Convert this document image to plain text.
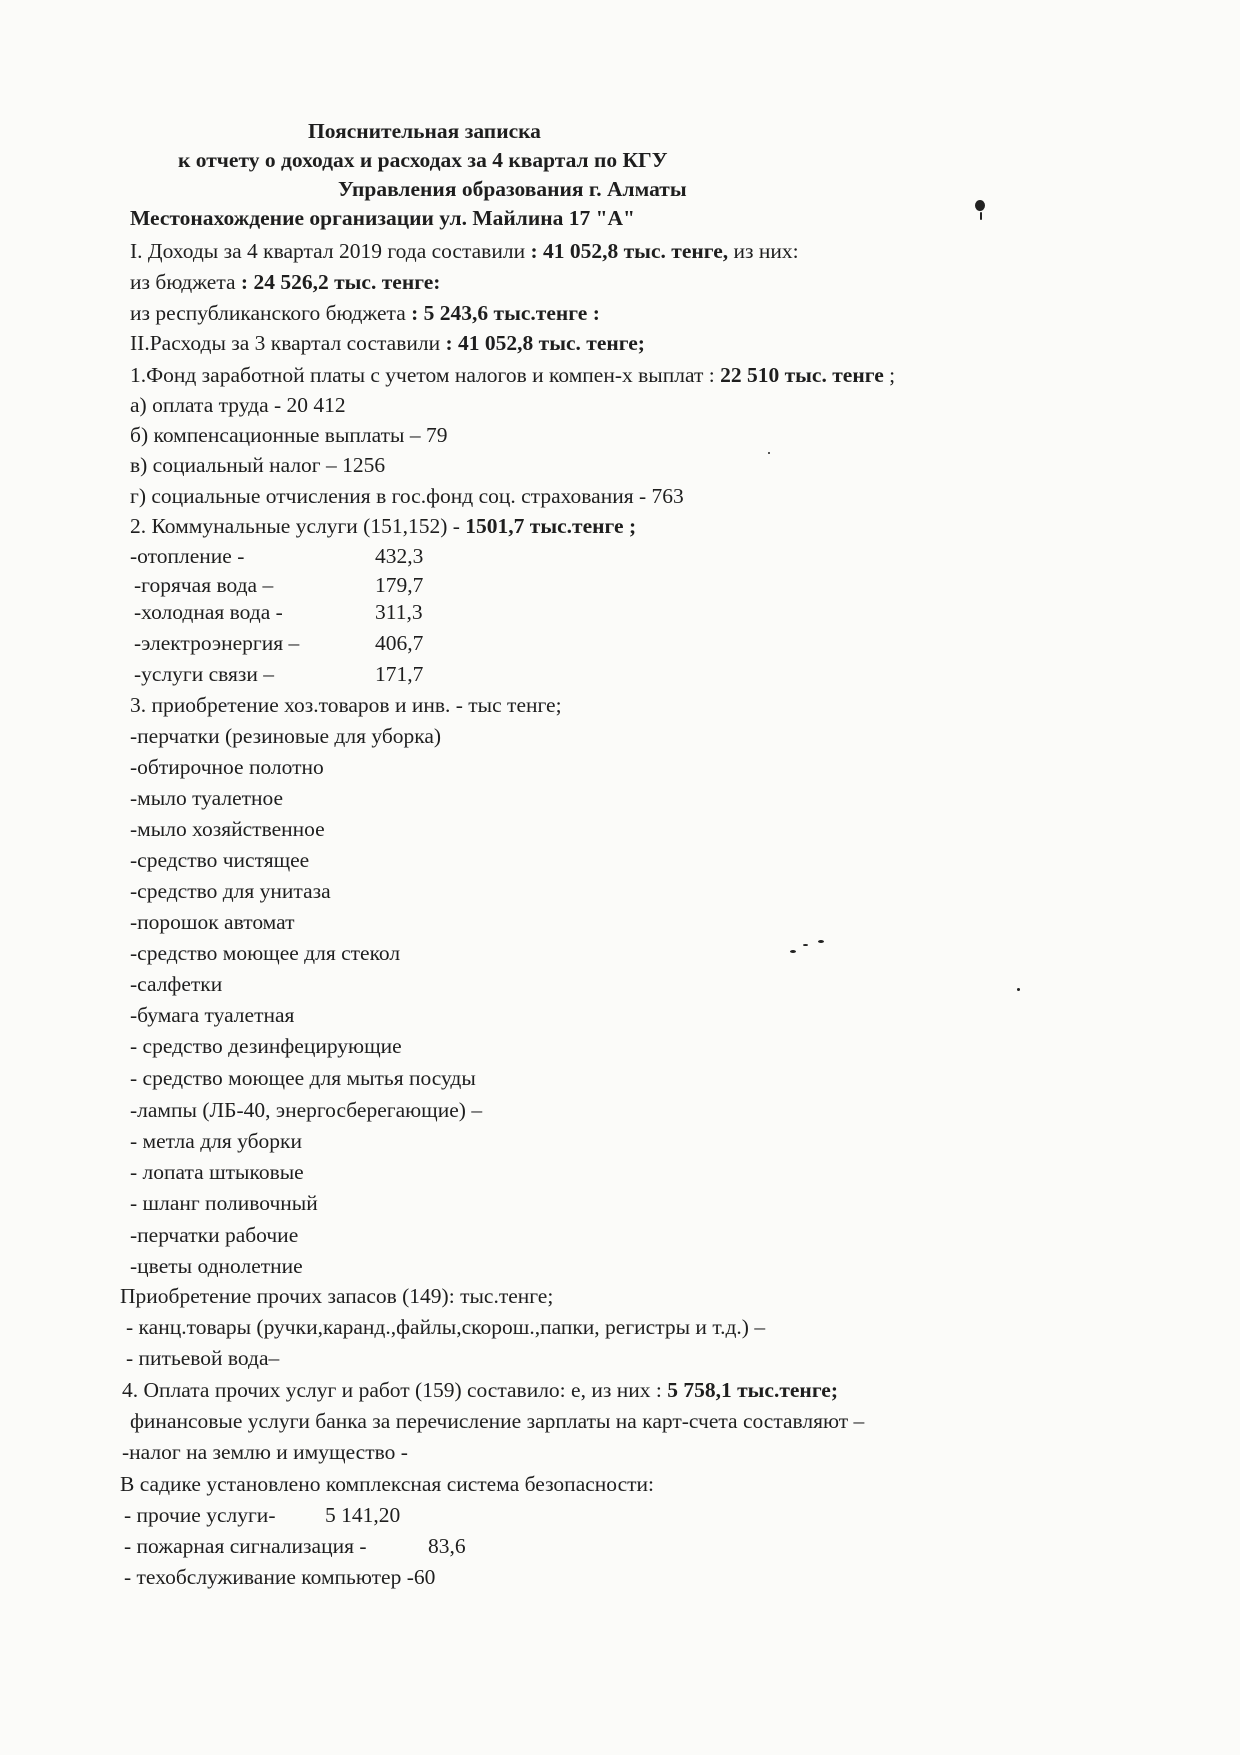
Пояснительная записка
к отчету о доходах и расходах за 4 квартал по КГУ
Управления образования г. Алматы
Местонахождение организации ул. Майлина 17 "А"
I. Доходы за 4 квартал 2019 года составили : 41 052,8 тыс. тенге, из них:
из бюджета : 24 526,2 тыс. тенге:
из республиканского бюджета : 5 243,6 тыс.тенге :
II.Расходы за 3 квартал составили : 41 052,8 тыс. тенге;
1.Фонд заработной платы с учетом налогов и компен-х выплат : 22 510 тыс. тенге ;
а) оплата труда - 20 412
б) компенсационные выплаты – 79
в) социальный налог – 1256
г) социальные отчисления в гос.фонд соц. страхования - 763
2. Коммунальные услуги (151,152) - 1501,7 тыс.тенге ;
-отопление -	432,3
-горячая вода –	179,7
-холодная вода -	311,3
-электроэнергия –	406,7
-услуги связи –	171,7
3. приобретение хоз.товаров и инв. - тыс тенге;
-перчатки (резиновые для уборка)
-обтирочное полотно
-мыло туалетное
-мыло хозяйственное
-средство чистящее
-средство для унитаза
-порошок автомат
-средство моющее для стекол
-салфетки
-бумага туалетная
- средство дезинфецирующие
- средство моющее для мытья посуды
-лампы (ЛБ-40, энергосберегающие) –
- метла для уборки
- лопата штыковые
- шланг поливочный
-перчатки рабочие
-цветы однолетние
Приобретение прочих запасов (149): тыс.тенге;
- канц.товары (ручки,каранд.,файлы,скорош.,папки, регистры и т.д.) –
- питьевой вода–
4. Оплата прочих услуг и работ (159) составило: е, из них : 5 758,1 тыс.тенге;
финансовые услуги банка за перечисление зарплаты на карт-счета составляют –
-налог на землю и имущество -
В садике установлено комплексная система безопасности:
- прочие услуги- 5 141,20
- пожарная сигнализация -	83,6
- техобслуживание компьютер -60
